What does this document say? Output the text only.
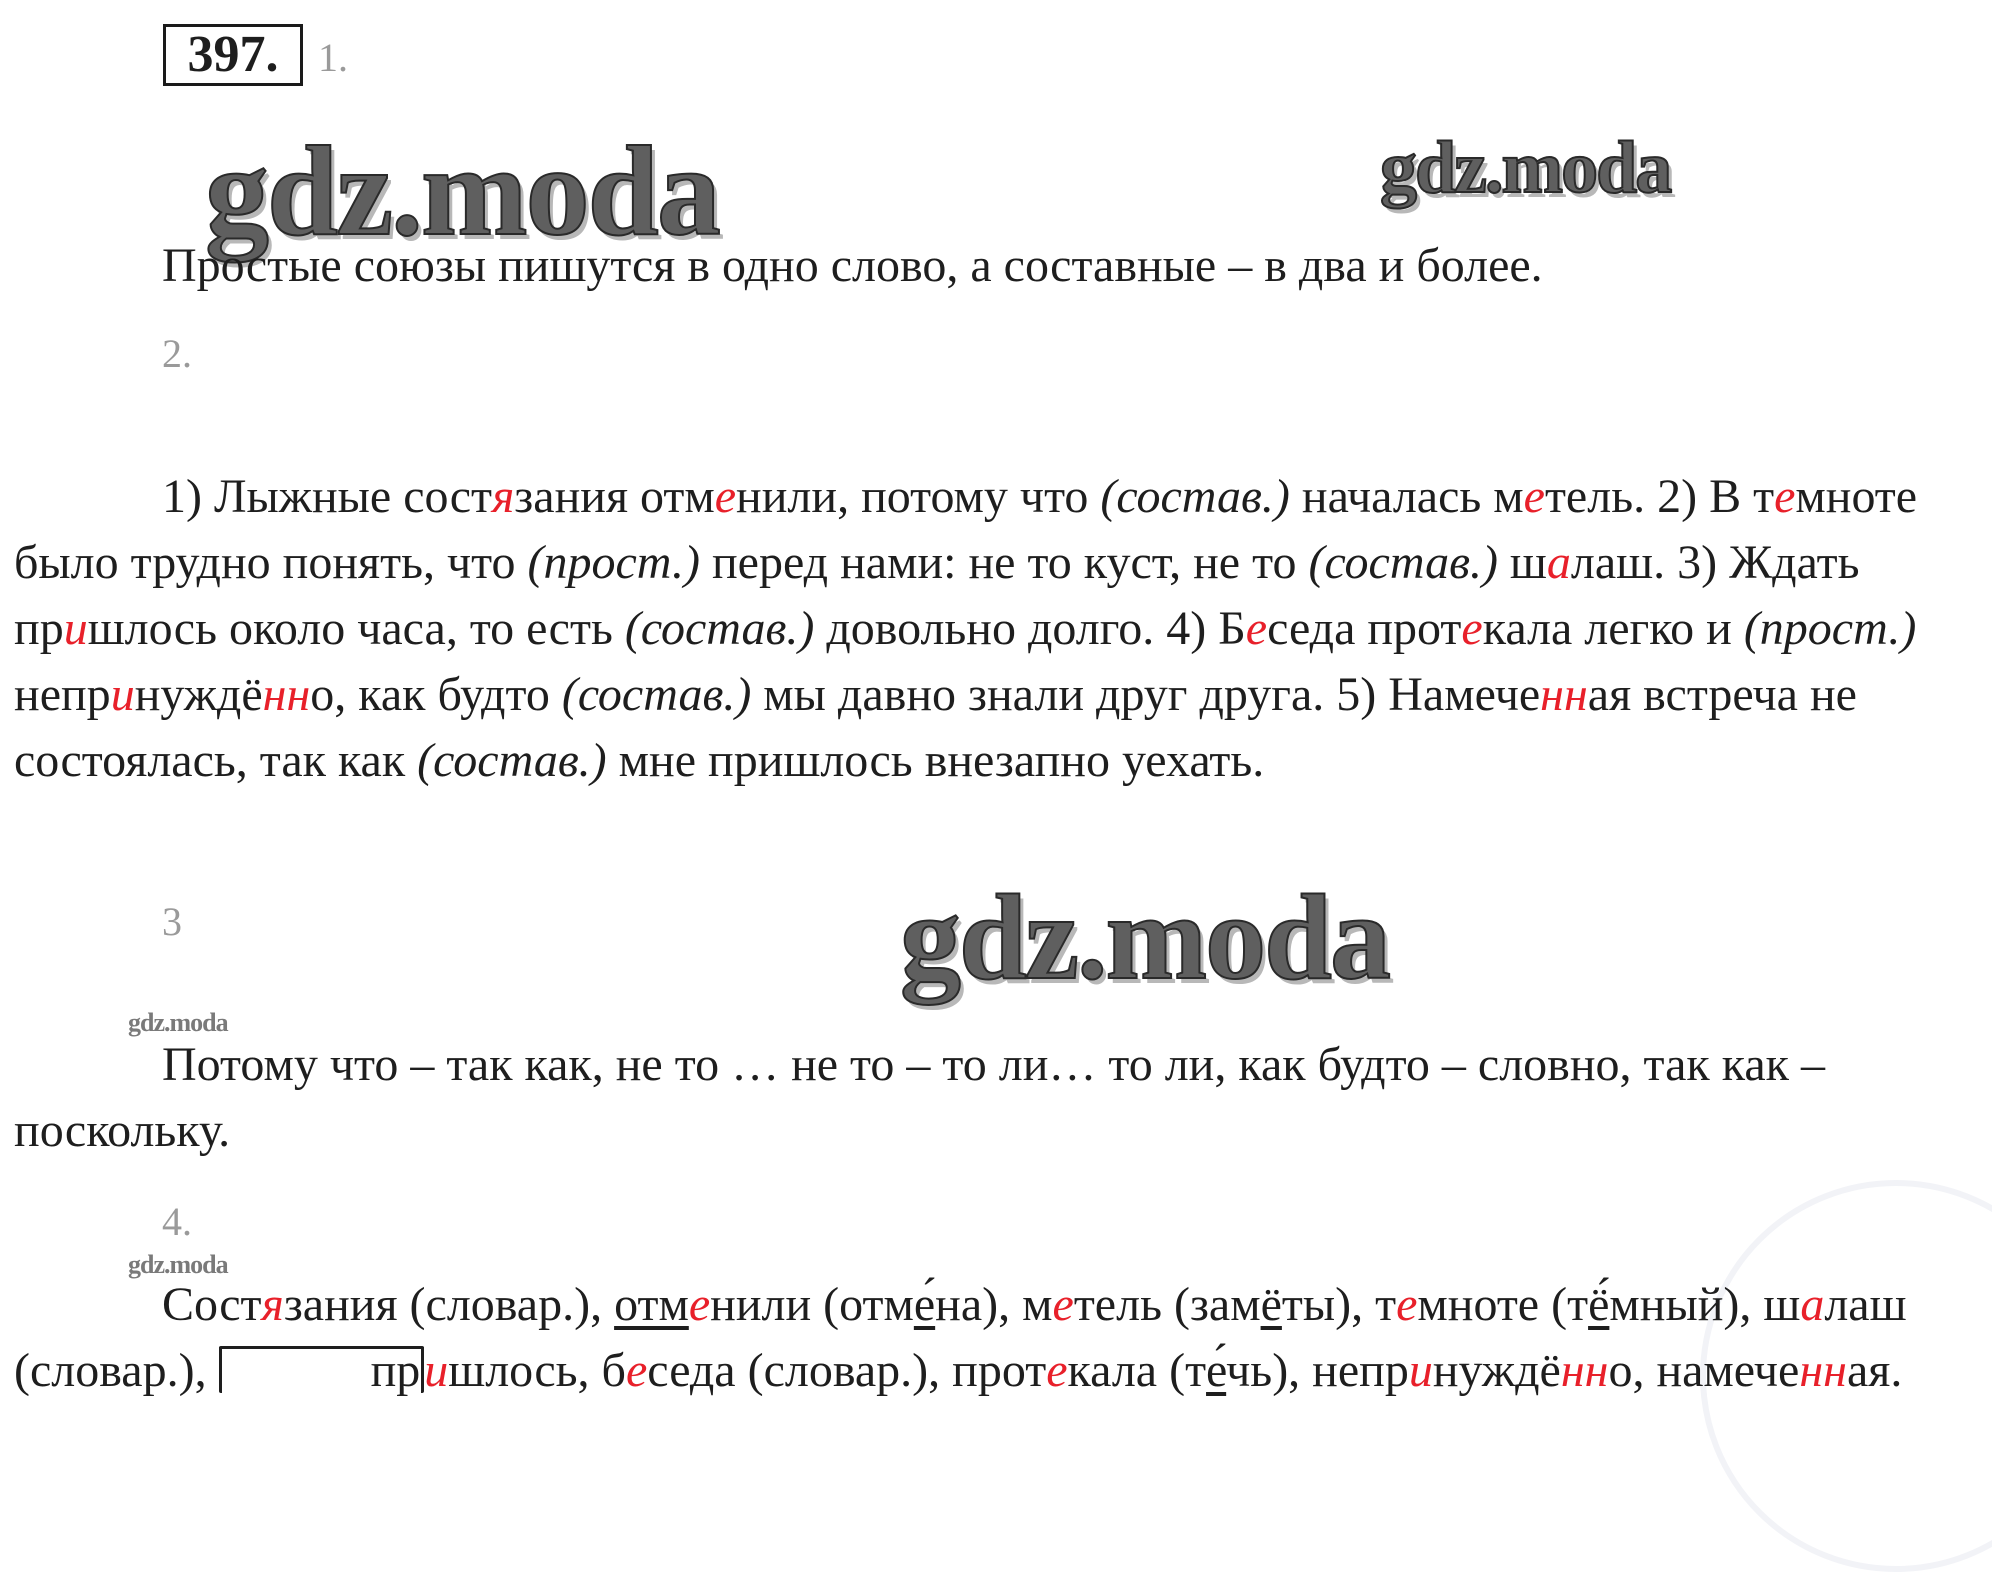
397. 1.
gdz.moda	gdz.moda
gdz.moda
gdz.moda
gdz.moda

Простые союзы пишутся в одно слово, а составные – в два и более.

2.

1) Лыжные состязания отменили, потому что (состав.) началась метель. 2) В темноте было трудно понять, что (прост.) перед нами: не то куст, не то (состав.) шалаш. 3) Ждать пришлось около часа, то есть (состав.) довольно долго. 4) Беседа протекала легко и (прост.) непринуждённо, как будто (состав.) мы давно знали друг друга. 5) Намеченная встреча не состоялась, так как (состав.) мне пришлось внезапно уехать.

3

Потому что – так как, не то … не то – то ли… то ли, как будто – словно, так как – поскольку.

4.

Состязания (словар.), отменили (отме́на), метель (замёты), темноте (тё́мный), шалаш (словар.),	пришлось, беседа (словар.), протекала (те́чь), непринуждённо, намеченная.
